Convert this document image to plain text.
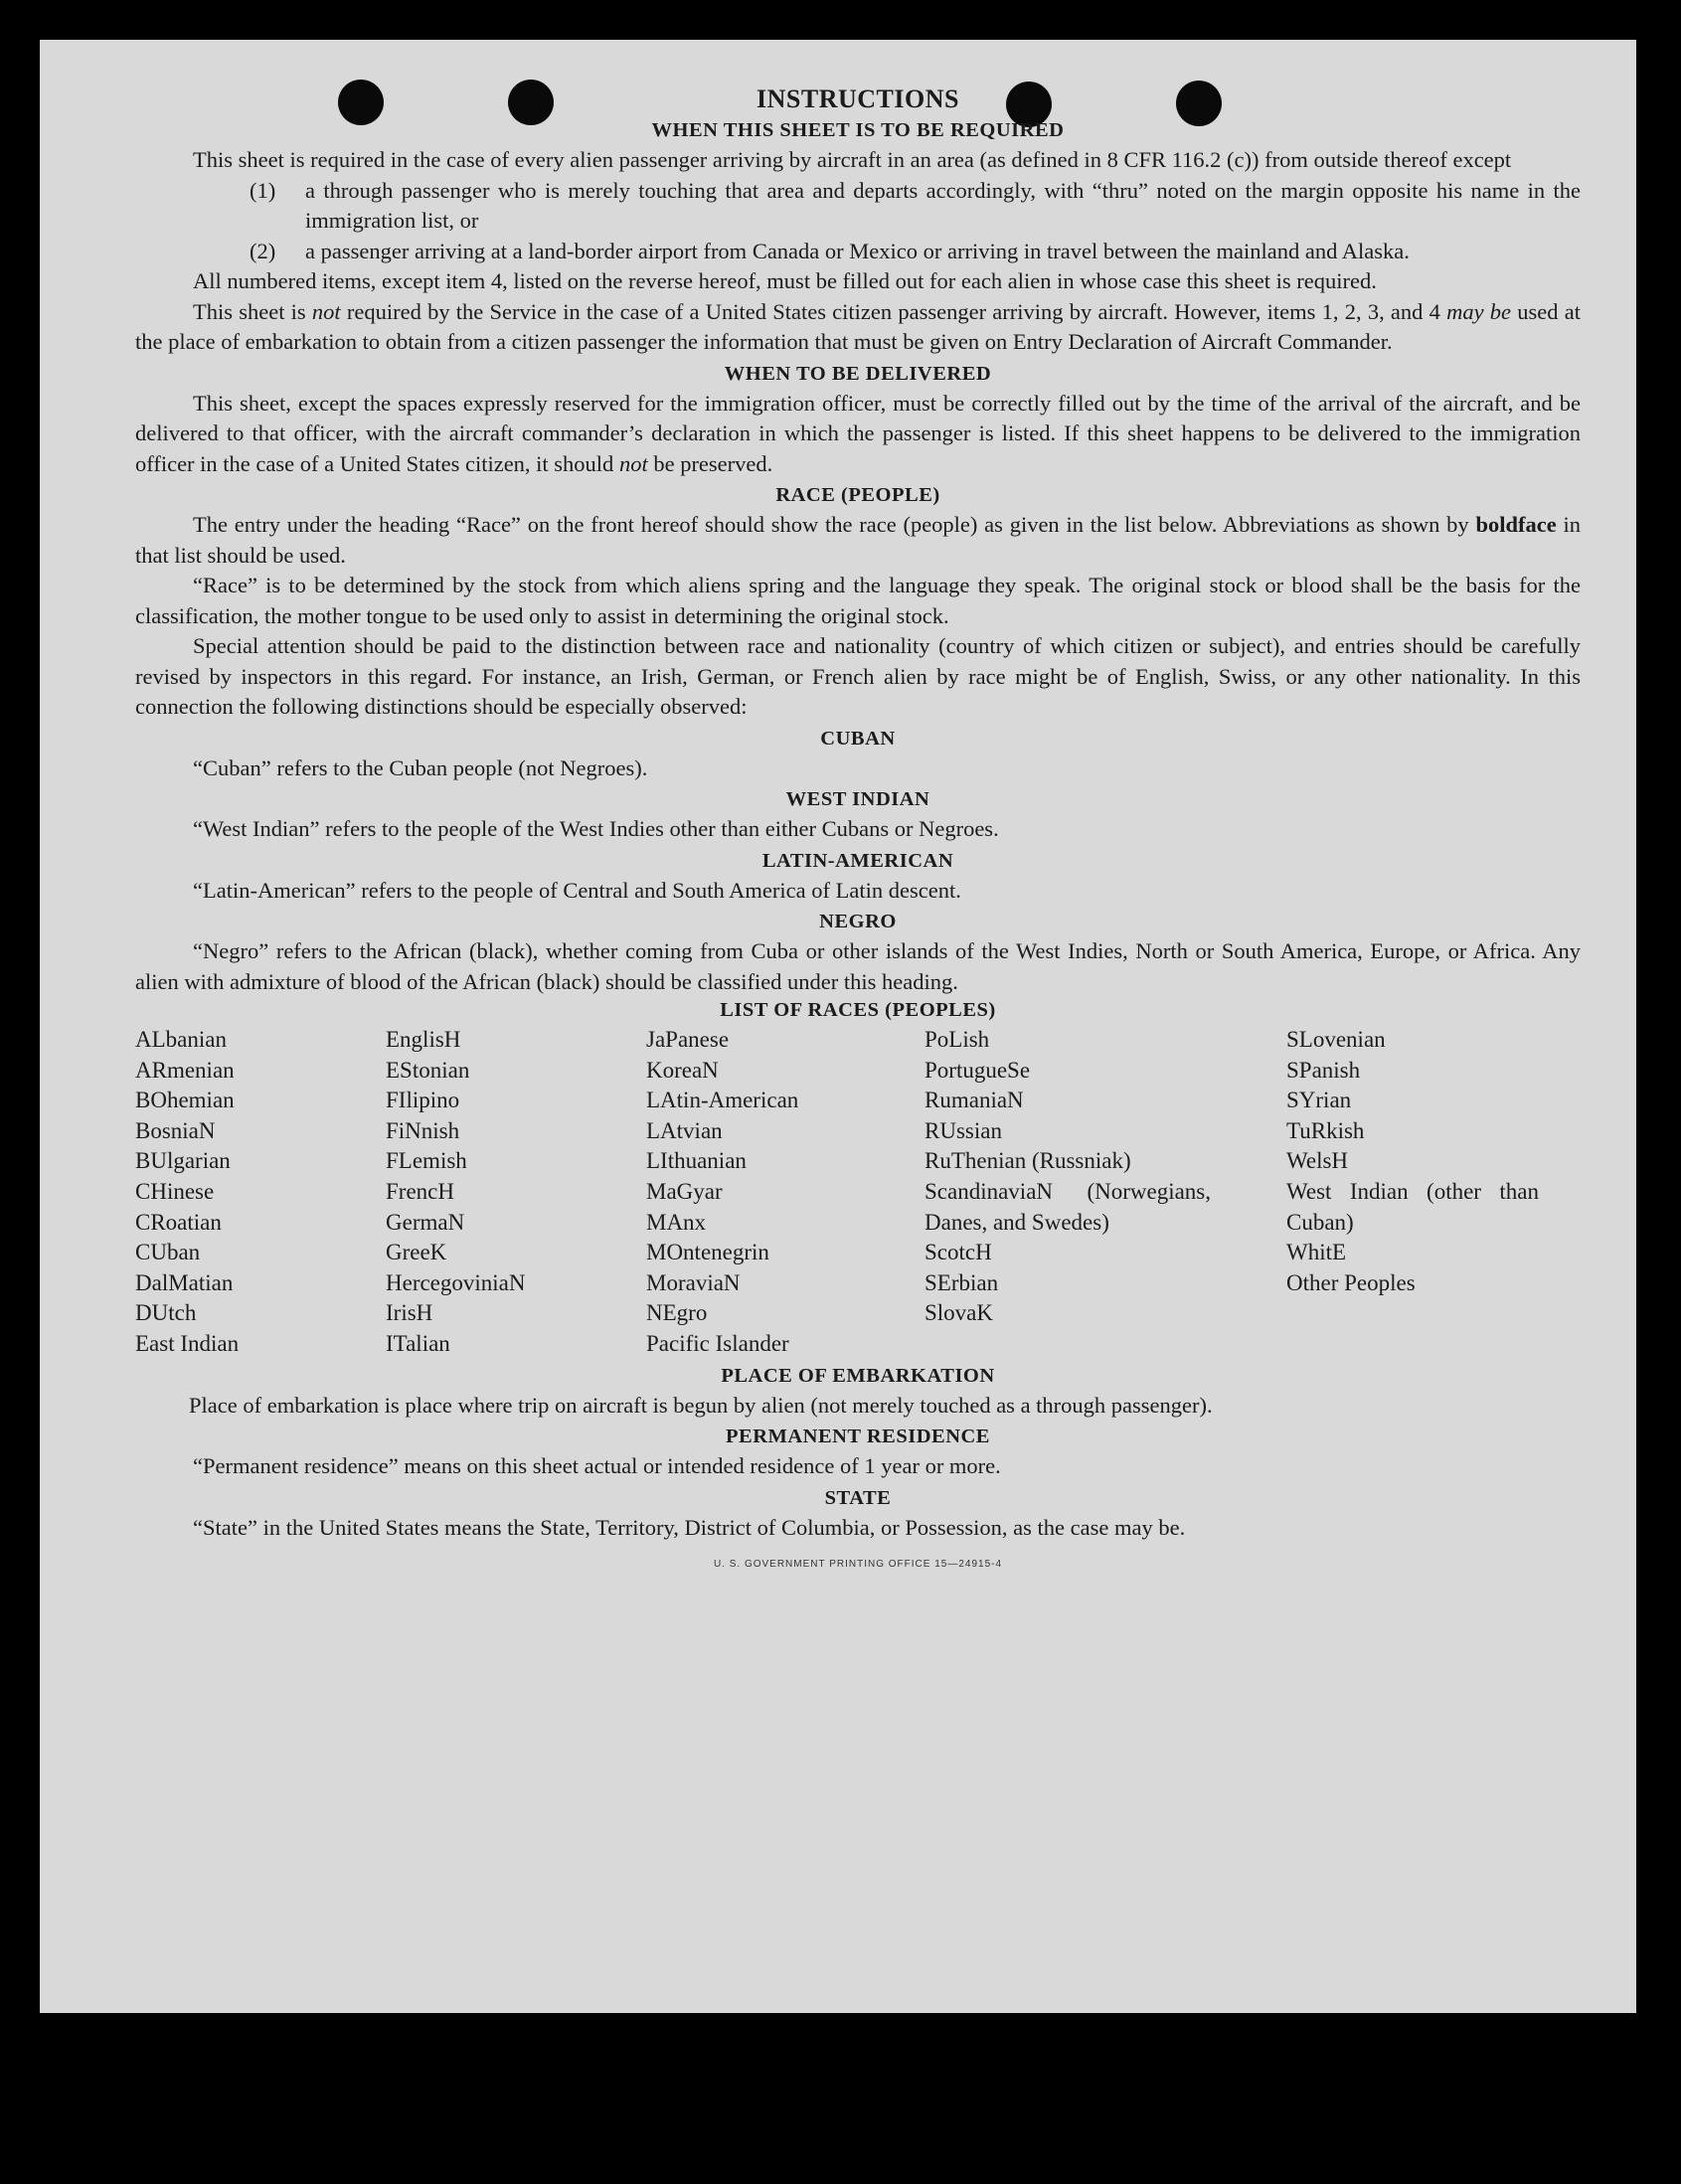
INSTRUCTIONS
WHEN THIS SHEET IS TO BE REQUIRED

This sheet is required in the case of every alien passenger arriving by aircraft in an area (as defined in 8 CFR 116.2 (c)) from outside thereof except

(1)	a through passenger who is merely touching that area and departs accordingly, with “thru” noted on the margin opposite his name in the immigration list, or
(2)	a passenger arriving at a land-border airport from Canada or Mexico or arriving in travel between the mainland and Alaska.

All numbered items, except item 4, listed on the reverse hereof, must be filled out for each alien in whose case this sheet is required.

This sheet is not required by the Service in the case of a United States citizen passenger arriving by aircraft. However, items 1, 2, 3, and 4 may be used at the place of embarkation to obtain from a citizen passenger the information that must be given on Entry Declaration of Aircraft Commander.

WHEN TO BE DELIVERED

This sheet, except the spaces expressly reserved for the immigration officer, must be correctly filled out by the time of the arrival of the aircraft, and be delivered to that officer, with the aircraft commander’s declaration in which the passenger is listed. If this sheet happens to be delivered to the immigration officer in the case of a United States citizen, it should not be preserved.

RACE (PEOPLE)

The entry under the heading “Race” on the front hereof should show the race (people) as given in the list below. Abbreviations as shown by boldface in that list should be used.

“Race” is to be determined by the stock from which aliens spring and the language they speak. The original stock or blood shall be the basis for the classification, the mother tongue to be used only to assist in determining the original stock.

Special attention should be paid to the distinction between race and nationality (country of which citizen or subject), and entries should be carefully revised by inspectors in this regard. For instance, an Irish, German, or French alien by race might be of English, Swiss, or any other nationality. In this connection the following distinctions should be especially observed:

CUBAN

“Cuban” refers to the Cuban people (not Negroes).

WEST INDIAN

“West Indian” refers to the people of the West Indies other than either Cubans or Negroes.

LATIN-AMERICAN

“Latin-American” refers to the people of Central and South America of Latin descent.

NEGRO

“Negro” refers to the African (black), whether coming from Cuba or other islands of the West Indies, North or South America, Europe, or Africa. Any alien with admixture of blood of the African (black) should be classified under this heading.

LIST OF RACES (PEOPLES)
ALbanian
ARmenian
BOhemian
BosniaN
BUlgarian
CHinese
CRoatian
CUban
DalMatian
DUtch
East Indian
EnglisH
EStonian
FIlipino
FiNnish
FLemish
FrencH
GermaN
GreeK
HercegoviniaN
IrisH
ITalian
JaPanese
KoreaN
LAtin-American
LAtvian
LIthuanian
MaGyar
MAnx
MOntenegrin
MoraviaN
NEgro
Pacific Islander
PoLish
PortugueSe
RumaniaN
RUssian
RuThenian (Russniak)
ScandinaviaN (Norwegians, Danes, and Swedes)
ScotcH
SErbian
SlovaK
SLovenian
SPanish
SYrian
TuRkish
WelsH
West Indian (other than Cuban)
WhitE
Other Peoples
PLACE OF EMBARKATION

Place of embarkation is place where trip on aircraft is begun by alien (not merely touched as a through passenger).

PERMANENT RESIDENCE

“Permanent residence” means on this sheet actual or intended residence of 1 year or more.

STATE

“State” in the United States means the State, Territory, District of Columbia, or Possession, as the case may be.

U. S. GOVERNMENT PRINTING OFFICE 15—24915-4
